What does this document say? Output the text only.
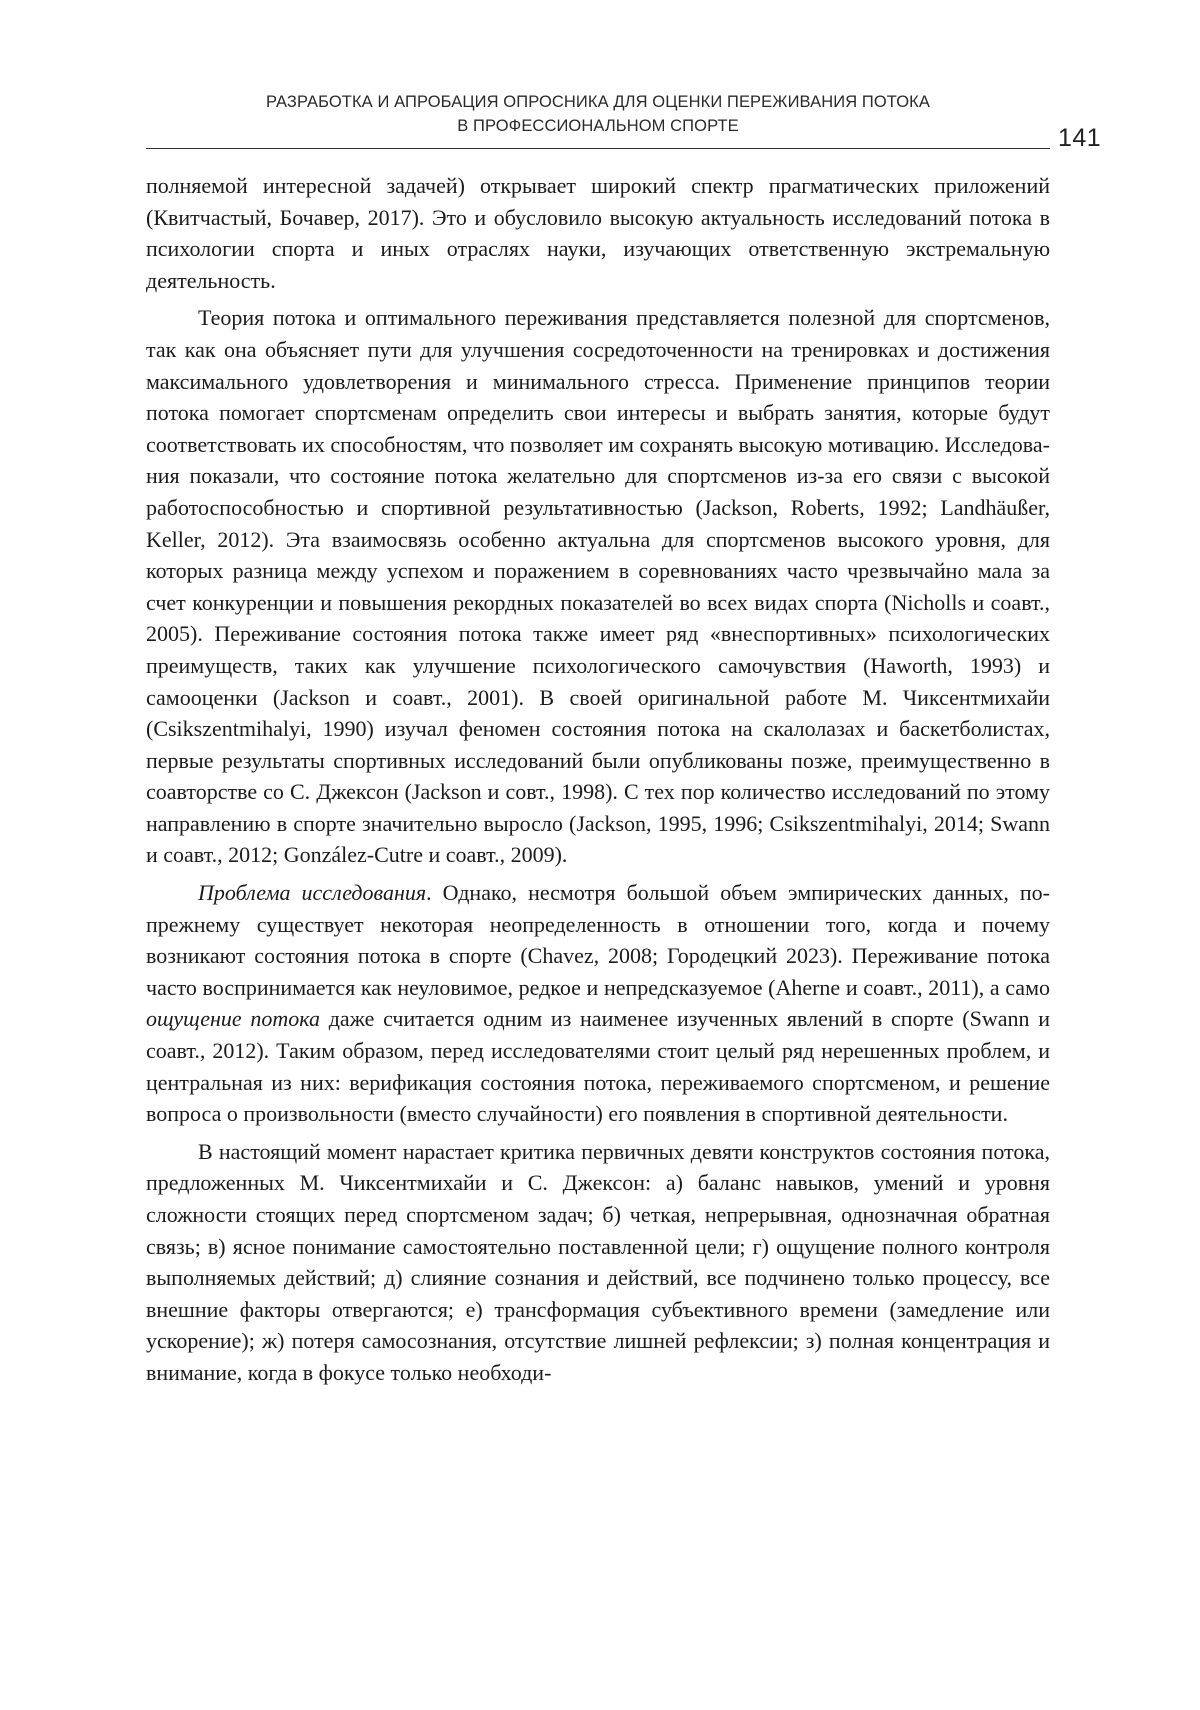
РАЗРАБОТКА И АПРОБАЦИЯ ОПРОСНИКА ДЛЯ ОЦЕНКИ ПЕРЕЖИВАНИЯ ПОТОКА
В ПРОФЕССИОНАЛЬНОМ СПОРТЕ	141

полняемой интересной задачей) открывает широкий спектр прагматических приложений (Квитчастый, Бочавер, 2017). Это и обусловило высокую актуальность исследований потока в психологии спорта и иных отраслях науки, изучающих ответственную экстремальную деятельность.

Теория потока и оптимального переживания представляется полезной для спортсменов, так как она объясняет пути для улучшения сосредоточенности на тренировках и достижения максимального удовлетворения и минимального стресса. Применение принципов теории потока помогает спортсменам определить свои интересы и выбрать занятия, которые будут соответствовать их способностям, что позволяет им сохранять высокую мотивацию. Исследования показали, что состояние потока желательно для спортсменов из-за его связи с высокой работоспособностью и спортивной результативностью (Jackson, Roberts, 1992; Landhäußer, Keller, 2012). Эта взаимосвязь особенно актуальна для спортсменов высокого уровня, для которых разница между успехом и поражением в соревнованиях часто чрезвычайно мала за счет конкуренции и повышения рекордных показателей во всех видах спорта (Nicholls и соавт., 2005). Переживание состояния потока также имеет ряд «внеспортивных» психологических преимуществ, таких как улучшение психологического самочувствия (Haworth, 1993) и самооценки (Jackson и соавт., 2001). В своей оригинальной работе М. Чиксентмихайи (Csikszentmihalyi, 1990) изучал феномен состояния потока на скалолазах и баскетболистах, первые результаты спортивных исследований были опубликованы позже, преимущественно в соавторстве со С. Джексон (Jackson и совт., 1998). С тех пор количество исследований по этому направлению в спорте значительно выросло (Jackson, 1995, 1996; Csikszentmihalyi, 2014; Swann и соавт., 2012; González-Cutre и соавт., 2009).

Проблема исследования. Однако, несмотря большой объем эмпирических данных, по-прежнему существует некоторая неопределенность в отношении того, когда и почему возникают состояния потока в спорте (Chavez, 2008; Городецкий 2023). Переживание потока часто воспринимается как неуловимое, редкое и непредсказуемое (Aherne и соавт., 2011), а само ощущение потока даже считается одним из наименее изученных явлений в спорте (Swann и соавт., 2012). Таким образом, перед исследователями стоит целый ряд нерешенных проблем, и центральная из них: верификация состояния потока, переживаемого спортсменом, и решение вопроса о произвольности (вместо случайности) его появления в спортивной деятельности.

В настоящий момент нарастает критика первичных девяти конструктов состояния потока, предложенных М. Чиксентмихайи и С. Джексон: а) баланс навыков, умений и уровня сложности стоящих перед спортсменом задач; б) четкая, непрерывная, однозначная обратная связь; в) ясное понимание самостоятельно поставленной цели; г) ощущение полного контроля выполняемых действий; д) слияние сознания и действий, все подчинено только процессу, все внешние факторы отвергаются; е) трансформация субъективного времени (замедление или ускорение); ж) потеря самосознания, отсутствие лишней рефлексии; з) полная концентрация и внимание, когда в фокусе только необходи-
